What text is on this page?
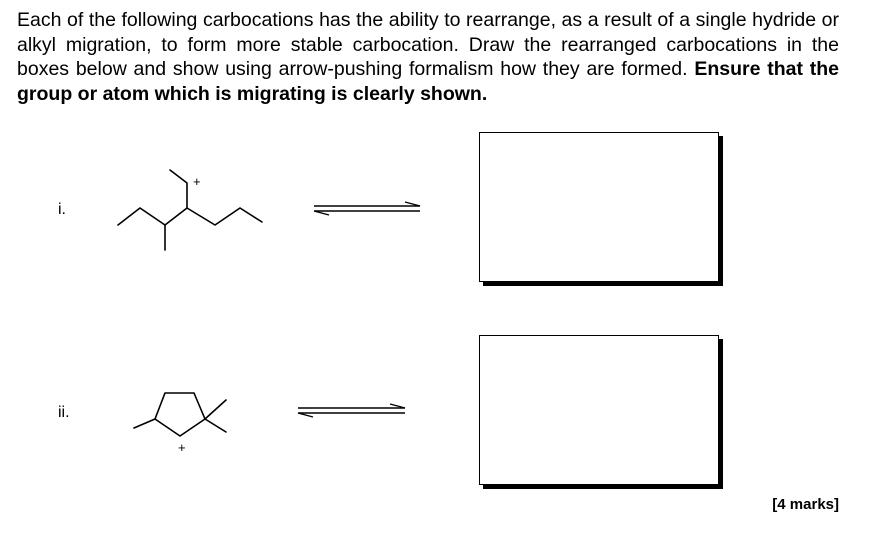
Each of the following carbocations has the ability to rearrange, as a result of a single hydride or alkyl migration, to form more stable carbocation. Draw the rearranged carbocations in the boxes below and show using arrow-pushing formalism how they are formed. Ensure that the group or atom which is migrating is clearly shown.

i.
ii.
+
+
[4 marks]
